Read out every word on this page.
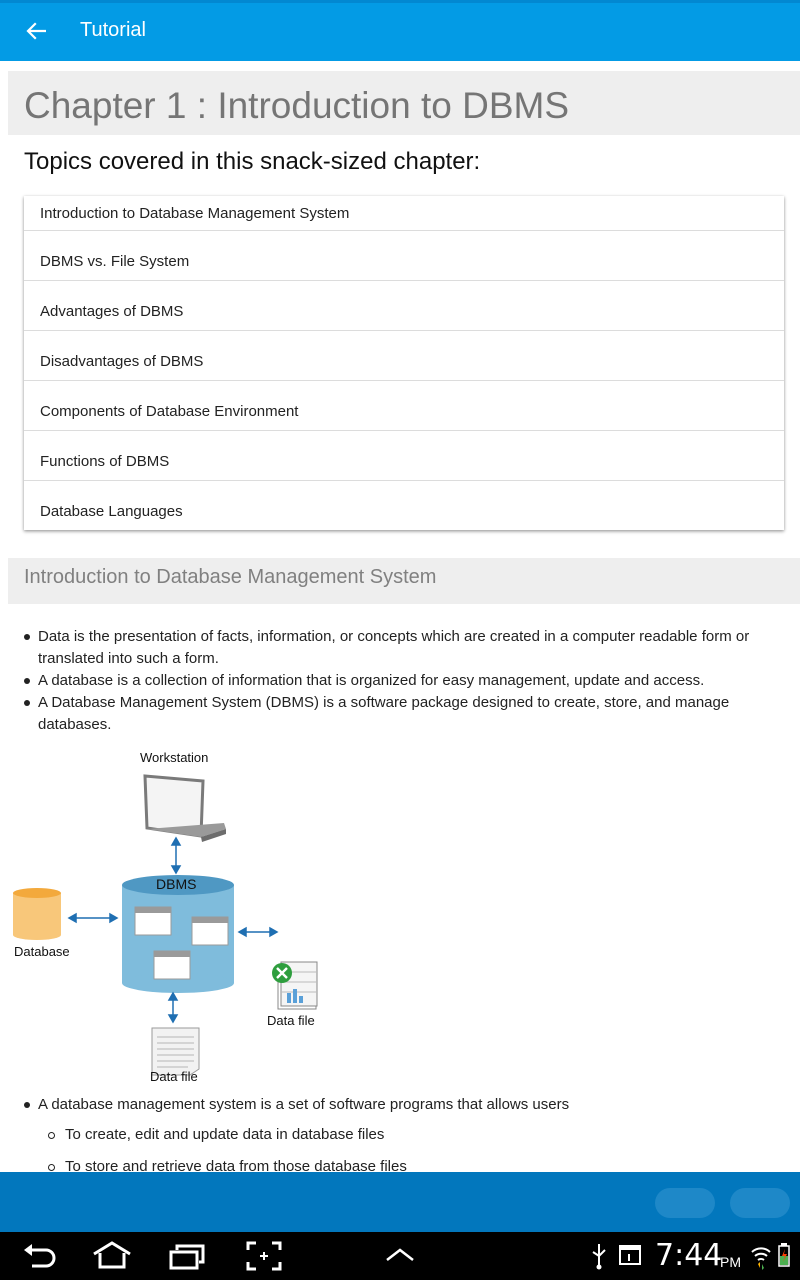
Tutorial
Chapter 1 : Introduction to DBMS
Topics covered in this snack-sized chapter:
Introduction to Database Management System
DBMS vs. File System
Advantages of DBMS
Disadvantages of DBMS
Components of Database Environment
Functions of DBMS
Database Languages
Introduction to Database Management System

Data is the presentation of facts, information, or concepts which are created in a computer readable form or translated into such a form.

A database is a collection of information that is organized for easy management, update and access.

A Database Management System (DBMS) is a software package designed to create, store, and manage databases.

Workstation
DBMS
Database
Data file
Data file
A database management system is a set of software programs that allows users
To create, edit and update data in database files
To store and retrieve data from those database files
7:44
PM
